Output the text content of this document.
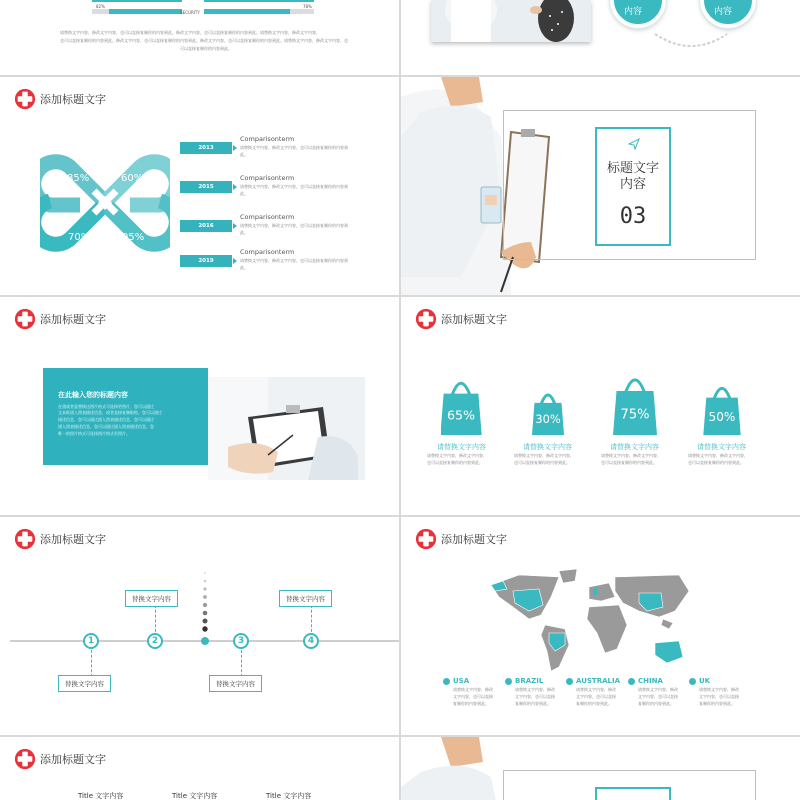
82%	78%
SECURITY
请替换文字内容，修改文字内容，也可以直接复制你的内容到此。修改文字内容，也可以直接复制你的内容到此。请替换文字内容，修改文字内容，
也可以直接复制你的内容到此。修改文字内容，也可以直接复制你的内容到此。修改文字内容，也可以直接复制你的内容到此。请替换文字内容，修改文字内容，也
可以直接复制你的内容到此。
内容	内容
添加标题文字
85%	60%
70%	95%
2013
Comparisonterm
请替换文字内容，修改文字内容，也可以直接复制你的内容到
此。
2015
Comparisonterm
请替换文字内容，修改文字内容，也可以直接复制你的内容到
此。
2016
Comparisonterm
请替换文字内容，修改文字内容，也可以直接复制你的内容到
此。
2019
Comparisonterm
请替换文字内容，修改文字内容，也可以直接复制你的内容到
此。
标题文字
内容
03
添加标题文字
在此输入您的标题内容
在建或者是替换这图片格式可选择更图片，您可以通过
文本框插入图表描述信息，或者直接复制粘贴，您可以通过
描述信息，您可以通过插入图表描述信息，您可以通过
插入图表描述信息，您可以通过插入图表描述信息，您
唯一的图片格式可选择图片格式更图片。
添加标题文字
65%	30%	75%	50%
请替换文字内容	请替换文字内容	请替换文字内容	请替换文字内容
请替换文字内容，修改文字内容，
也可以直接复制你的内容到此。
请替换文字内容，修改文字内容，
也可以直接复制你的内容到此。
请替换文字内容，修改文字内容，
也可以直接复制你的内容到此。
请替换文字内容，修改文字内容，
也可以直接复制你的内容到此。
添加标题文字
1	2	3	4
替换文字内容
替换文字内容
替换文字内容
替换文字内容
添加标题文字
USA	BRAZIL	AUSTRALIA	CHINA	UK
请替换文字内容，修改
文字内容，也可以直接
复制你的内容到此。
请替换文字内容，修改
文字内容，也可以直接
复制你的内容到此。
请替换文字内容，修改
文字内容，也可以直接
复制你的内容到此。
请替换文字内容，修改
文字内容，也可以直接
复制你的内容到此。
请替换文字内容，修改
文字内容，也可以直接
复制你的内容到此。
添加标题文字
Title 文字内容	Title 文字内容	Title 文字内容
